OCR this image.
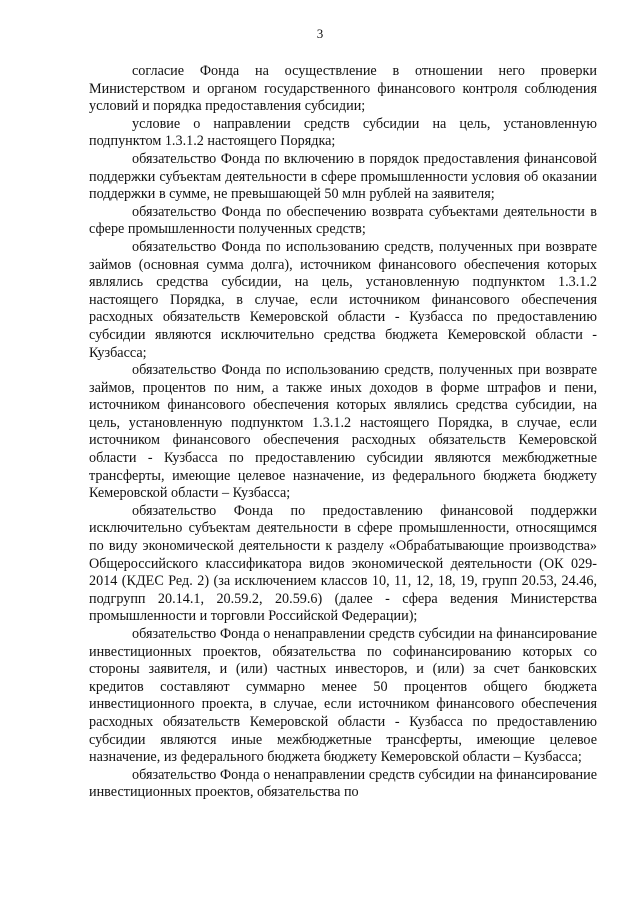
3

согласие Фонда на осуществление в отношении него проверки Министерством и органом государственного финансового контроля соблюдения условий и порядка предоставления субсидии;

условие о направлении средств субсидии на цель, установленную подпунктом 1.3.1.2 настоящего Порядка;

обязательство Фонда по включению в порядок предоставления финансовой поддержки субъектам деятельности в сфере промышленности условия об оказании поддержки в сумме, не превышающей 50 млн рублей на заявителя;

обязательство Фонда по обеспечению возврата субъектами деятельности в сфере промышленности полученных средств;

обязательство Фонда по использованию средств, полученных при возврате займов (основная сумма долга), источником финансового обеспечения которых являлись средства субсидии, на цель, установленную подпунктом 1.3.1.2 настоящего Порядка, в случае, если источником финансового обеспечения расходных обязательств Кемеровской области - Кузбасса по предоставлению субсидии являются исключительно средства бюджета Кемеровской области - Кузбасса;

обязательство Фонда по использованию средств, полученных при возврате займов, процентов по ним, а также иных доходов в форме штрафов и пени, источником финансового обеспечения которых являлись средства субсидии, на цель, установленную подпунктом 1.3.1.2 настоящего Порядка, в случае, если источником финансового обеспечения расходных обязательств Кемеровской области - Кузбасса по предоставлению субсидии являются межбюджетные трансферты, имеющие целевое назначение, из федерального бюджета бюджету Кемеровской области – Кузбасса;

обязательство Фонда по предоставлению финансовой поддержки исключительно субъектам деятельности в сфере промышленности, относящимся по виду экономической деятельности к разделу «Обрабатывающие производства» Общероссийского классификатора видов экономической деятельности (ОК 029-2014 (КДЕС Ред. 2) (за исключением классов 10, 11, 12, 18, 19, групп 20.53, 24.46, подгрупп 20.14.1, 20.59.2, 20.59.6) (далее - сфера ведения Министерства промышленности и торговли Российской Федерации);

обязательство Фонда о ненаправлении средств субсидии на финансирование инвестиционных проектов, обязательства по софинансированию которых со стороны заявителя, и (или) частных инвесторов, и (или) за счет банковских кредитов составляют суммарно менее 50 процентов общего бюджета инвестиционного проекта, в случае, если источником финансового обеспечения расходных обязательств Кемеровской области - Кузбасса по предоставлению субсидии являются иные межбюджетные трансферты, имеющие целевое назначение, из федерального бюджета бюджету Кемеровской области – Кузбасса;

обязательство Фонда о ненаправлении средств субсидии на финансирование инвестиционных проектов, обязательства по
